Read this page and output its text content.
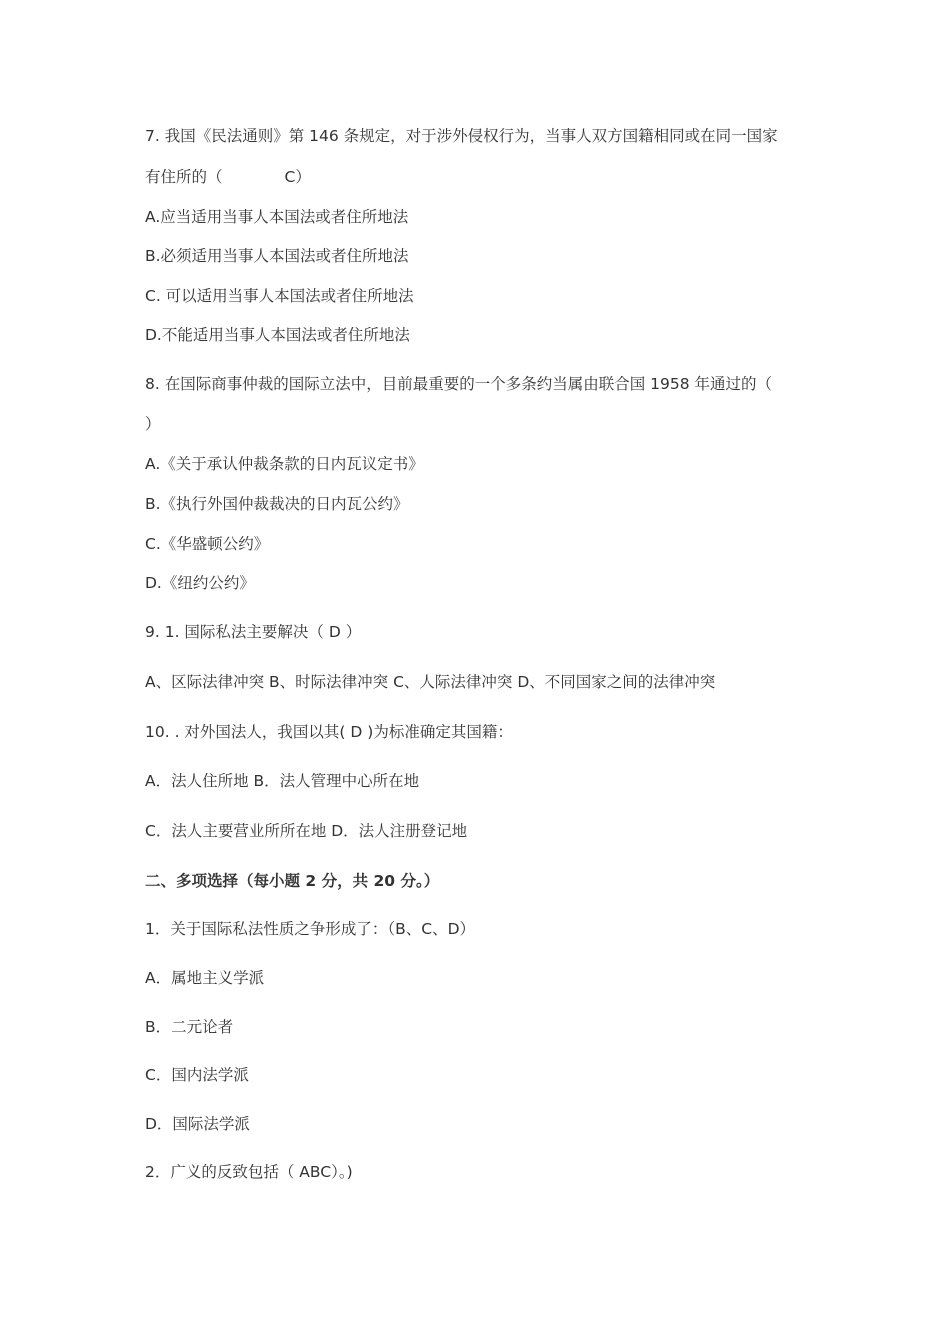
7. 我国《民法通则》第 146 条规定，对于涉外侵权行为，当事人双方国籍相同或在同一国家
有住所的（	C）
A.应当适用当事人本国法或者住所地法
B.必须适用当事人本国法或者住所地法
C. 可以适用当事人本国法或者住所地法
D.不能适用当事人本国法或者住所地法
8. 在国际商事仲裁的国际立法中，目前最重要的一个多条约当属由联合国 1958 年通过的（
）
A.《关于承认仲裁条款的日内瓦议定书》
B.《执行外国仲裁裁决的日内瓦公约》
C.《华盛顿公约》
D.《纽约公约》
9. 1. 国际私法主要解决（ D ）
A、区际法律冲突 B、时际法律冲突 C、人际法律冲突 D、不同国家之间的法律冲突
10. . 对外国法人，我国以其( D )为标准确定其国籍：
A．法人住所地 B．法人管理中心所在地
C．法人主要营业所所在地 D．法人注册登记地
二、多项选择（每小题 2 分，共 20 分。）
1．关于国际私法性质之争形成了：（B、C、D）
A．属地主义学派
B．二元论者
C．国内法学派
D．国际法学派
2．广义的反致包括（ ABC）。)
